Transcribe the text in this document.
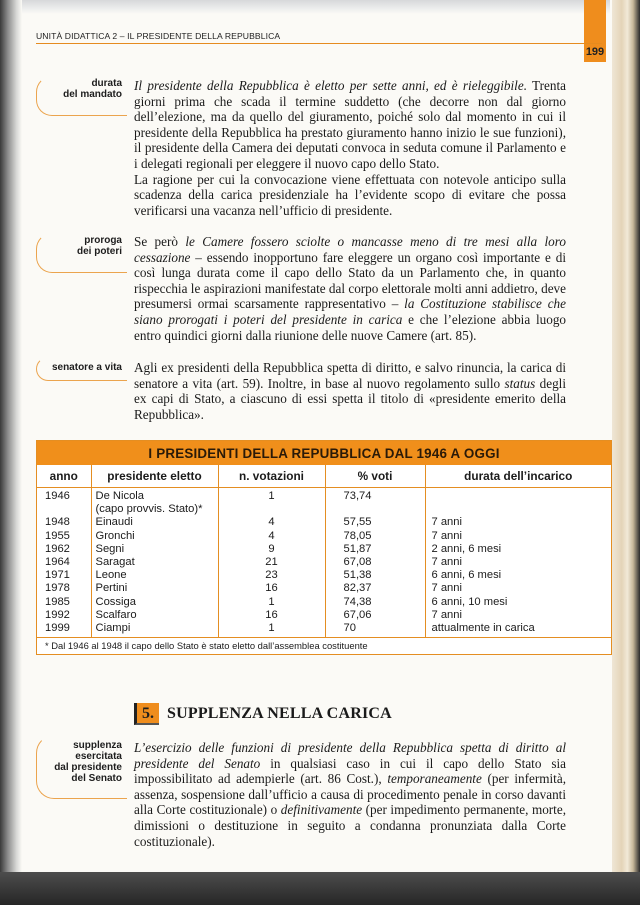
199
UNITÀ DIDATTICA 2 – IL PRESIDENTE DELLA REPUBBLICA
durata
del mandato

Il presidente della Repubblica è eletto per sette anni, ed è rieleggibile. Trenta giorni prima che scada il termine suddetto (che decorre non dal giorno dell’elezione, ma da quello del giuramento, poiché solo dal momento in cui il presidente della Repubblica ha prestato giuramento hanno inizio le sue funzioni), il presidente della Camera dei deputati convoca in seduta comune il Parlamento e i delegati regionali per eleggere il nuovo capo dello Stato.

La ragione per cui la convocazione viene effettuata con notevole anticipo sulla scadenza della carica presidenziale ha l’evidente scopo di evitare che possa verificarsi una vacanza nell’ufficio di presidente.

proroga
dei poteri

Se però le Camere fossero sciolte o mancasse meno di tre mesi alla loro cessazione – essendo inopportuno fare eleggere un organo così importante e di così lunga durata come il capo dello Stato da un Parlamento che, in quanto rispecchia le aspirazioni manifestate dal corpo elettorale molti anni addietro, deve presumersi ormai scarsamente rappresentativo – la Costituzione stabilisce che siano prorogati i poteri del presidente in carica e che l’elezione abbia luogo entro quindici giorni dalla riunione delle nuove Camere (art. 85).

senatore a vita Agli ex presidenti della Repubblica spetta di diritto, e salvo rinuncia, la carica di senatore a vita (art. 59). Inoltre, in base al nuovo regolamento sullo status degli ex capi di Stato, a ciascuno di essi spetta il titolo di «presidente emerito della Repubblica».

I PRESIDENTI DELLA REPUBBLICA DAL 1946 A OGGI
anno	presidente eletto	n. votazioni	% voti	durata dell’incarico

1946	De Nicola
(capo provvis. Stato)*	1	73,74	

1948	Einaudi	4	57,55	7 anni

1955	Gronchi	4	78,05	7 anni

1962	Segni	9	51,87	2 anni, 6 mesi

1964	Saragat	21	67,08	7 anni

1971	Leone	23	51,38	6 anni, 6 mesi

1978	Pertini	16	82,37	7 anni

1985	Cossiga	1	74,38	6 anni, 10 mesi

1992	Scalfaro	16	67,06	7 anni

1999	Ciampi	1	70	attualmente in carica
* Dal 1946 al 1948 il capo dello Stato è stato eletto dall’assemblea costituente
5. SUPPLENZA NELLA CARICA
supplenza
esercitata
dal presidente
del Senato

L’esercizio delle funzioni di presidente della Repubblica spetta di diritto al presidente del Senato in qualsiasi caso in cui il capo dello Stato sia impossibilitato ad adempierle (art. 86 Cost.), temporaneamente (per infermità, assenza, sospensione dall’ufficio a causa di procedimento penale in corso davanti alla Corte costituzionale) o definitivamente (per impedimento permanente, morte, dimissioni o destituzione in seguito a condanna pronunziata dalla Corte costituzionale).
